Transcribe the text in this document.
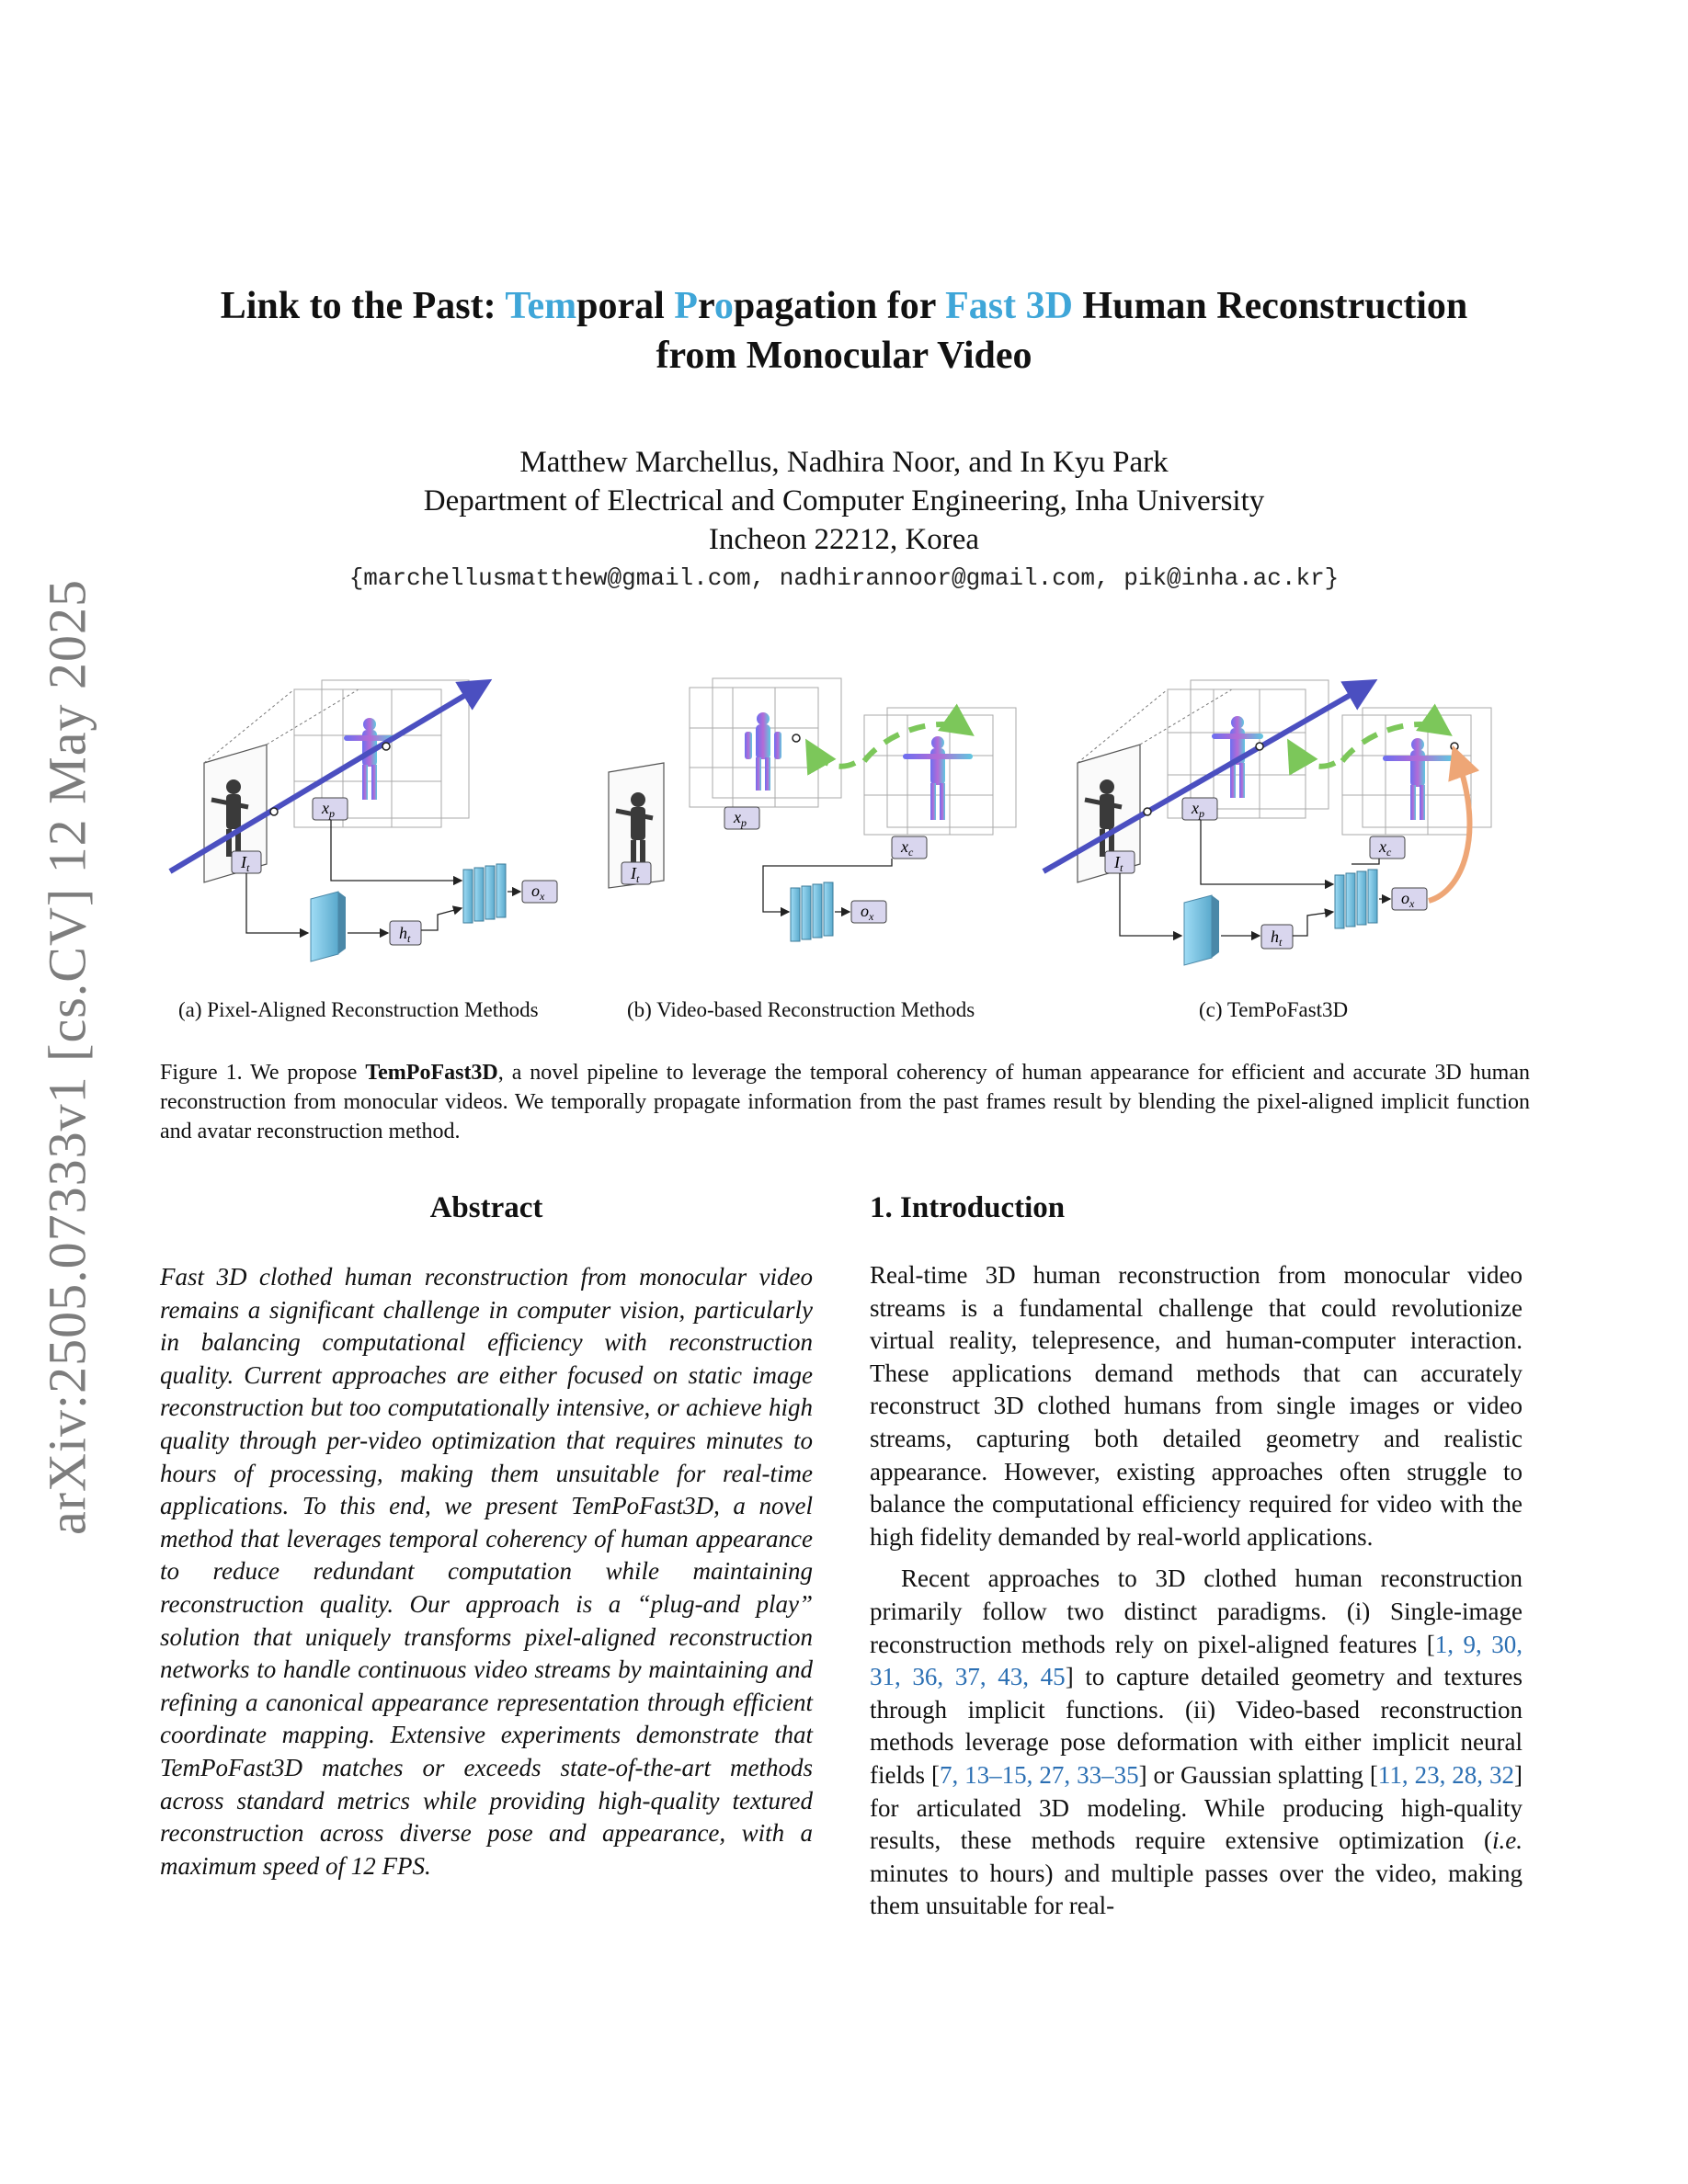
arXiv:2505.07333v1 [cs.CV] 12 May 2025
Link to the Past: Temporal Propagation for Fast 3D Human Reconstruction
from Monocular Video
Matthew Marchellus, Nadhira Noor, and In Kyu Park
Department of Electrical and Computer Engineering, Inha University
Incheon 22212, Korea
{marchellusmatthew@gmail.com, nadhirannoor@gmail.com, pik@inha.ac.kr}
$I_t$
$x_p$
$h_t$
$o_x$
$x_p$
$I_t$
$x_c$
$o_x$
$I_t$
$x_p$
$x_c$
$h_t$
$o_x$
(a) Pixel-Aligned Reconstruction Methods	(b) Video-based Reconstruction Methods	(c) TemPoFast3D
Figure 1. We propose TemPoFast3D, a novel pipeline to leverage the temporal coherency of human appearance for efficient and accurate 3D human reconstruction from monocular videos. We temporally propagate information from the past frames result by blending the pixel-aligned implicit function and avatar reconstruction method.
Abstract
Fast 3D clothed human reconstruction from monocular video remains a significant challenge in computer vision, particularly in balancing computational efficiency with reconstruction quality. Current approaches are either focused on static image reconstruction but too computationally intensive, or achieve high quality through per-video optimization that requires minutes to hours of processing, making them unsuitable for real-time applications. To this end, we present TemPoFast3D, a novel method that leverages temporal coherency of human appearance to reduce redundant computation while maintaining reconstruction quality. Our approach is a “plug-and play” solution that uniquely transforms pixel-aligned reconstruction networks to handle continuous video streams by maintaining and refining a canonical appearance representation through efficient coordinate mapping. Extensive experiments demonstrate that TemPoFast3D matches or exceeds state-of-the-art methods across standard metrics while providing high-quality textured reconstruction across diverse pose and appearance, with a maximum speed of 12 FPS.
1. Introduction

Real-time 3D human reconstruction from monocular video streams is a fundamental challenge that could revolutionize virtual reality, telepresence, and human-computer interaction. These applications demand methods that can accurately reconstruct 3D clothed humans from single images or video streams, capturing both detailed geometry and realistic appearance. However, existing approaches often struggle to balance the computational efficiency required for video with the high fidelity demanded by real-world applications.

Recent approaches to 3D clothed human reconstruction primarily follow two distinct paradigms. (i) Single-image reconstruction methods rely on pixel-aligned features [1, 9, 30, 31, 36, 37, 43, 45] to capture detailed geometry and textures through implicit functions. (ii) Video-based reconstruction methods leverage pose deformation with either implicit neural fields [7, 13–15, 27, 33–35] or Gaussian splatting [11, 23, 28, 32] for articulated 3D modeling. While producing high-quality results, these methods require extensive optimization (i.e. minutes to hours) and multiple passes over the video, making them unsuitable for real-
